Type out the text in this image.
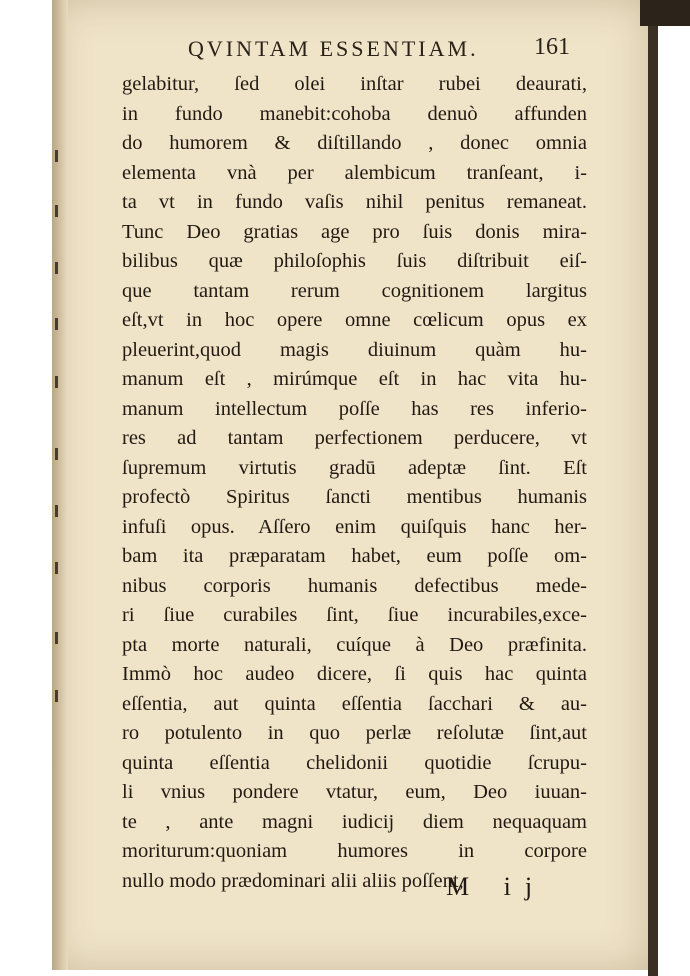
QVINTAM ESSENTIAM.	161
gelabitur, ſed olei inſtar rubei deaurati,
in fundo manebit:cohoba denuò affunden
do humorem & diſtillando , donec omnia
elementa vnà per alembicum tranſeant, i-
ta vt in fundo vaſis nihil penitus remaneat.
Tunc Deo gratias age pro ſuis donis mira-
bilibus quæ philoſophis ſuis diſtribuit eiſ-
que tantam rerum cognitionem largitus
eſt,vt in hoc opere omne cœlicum opus ex
pleuerint,quod magis diuinum quàm hu-
manum eſt , mirúmque eſt in hac vita hu-
manum intellectum poſſe has res inferio-
res ad tantam perfectionem perducere, vt
ſupremum virtutis gradū adeptæ ſint. Eſt
profectò Spiritus ſancti mentibus humanis
infuſi opus. Aſſero enim quiſquis hanc her-
bam ita præparatam habet, eum poſſe om-
nibus corporis humanis defectibus mede-
ri ſiue curabiles ſint, ſiue incurabiles,exce-
pta morte naturali, cuíque à Deo præfinita.
Immò hoc audeo dicere, ſi quis hac quinta
eſſentia, aut quinta eſſentia ſacchari & au-
ro potulento in quo perlæ reſolutæ ſint,aut
quinta eſſentia chelidonii quotidie ſcrupu-
li vnius pondere vtatur, eum, Deo iuuan-
te , ante magni iudicij diem nequaquam
moriturum:quoniam humores in corpore
nullo modo prædominari alii aliis poſſent,
M ij
